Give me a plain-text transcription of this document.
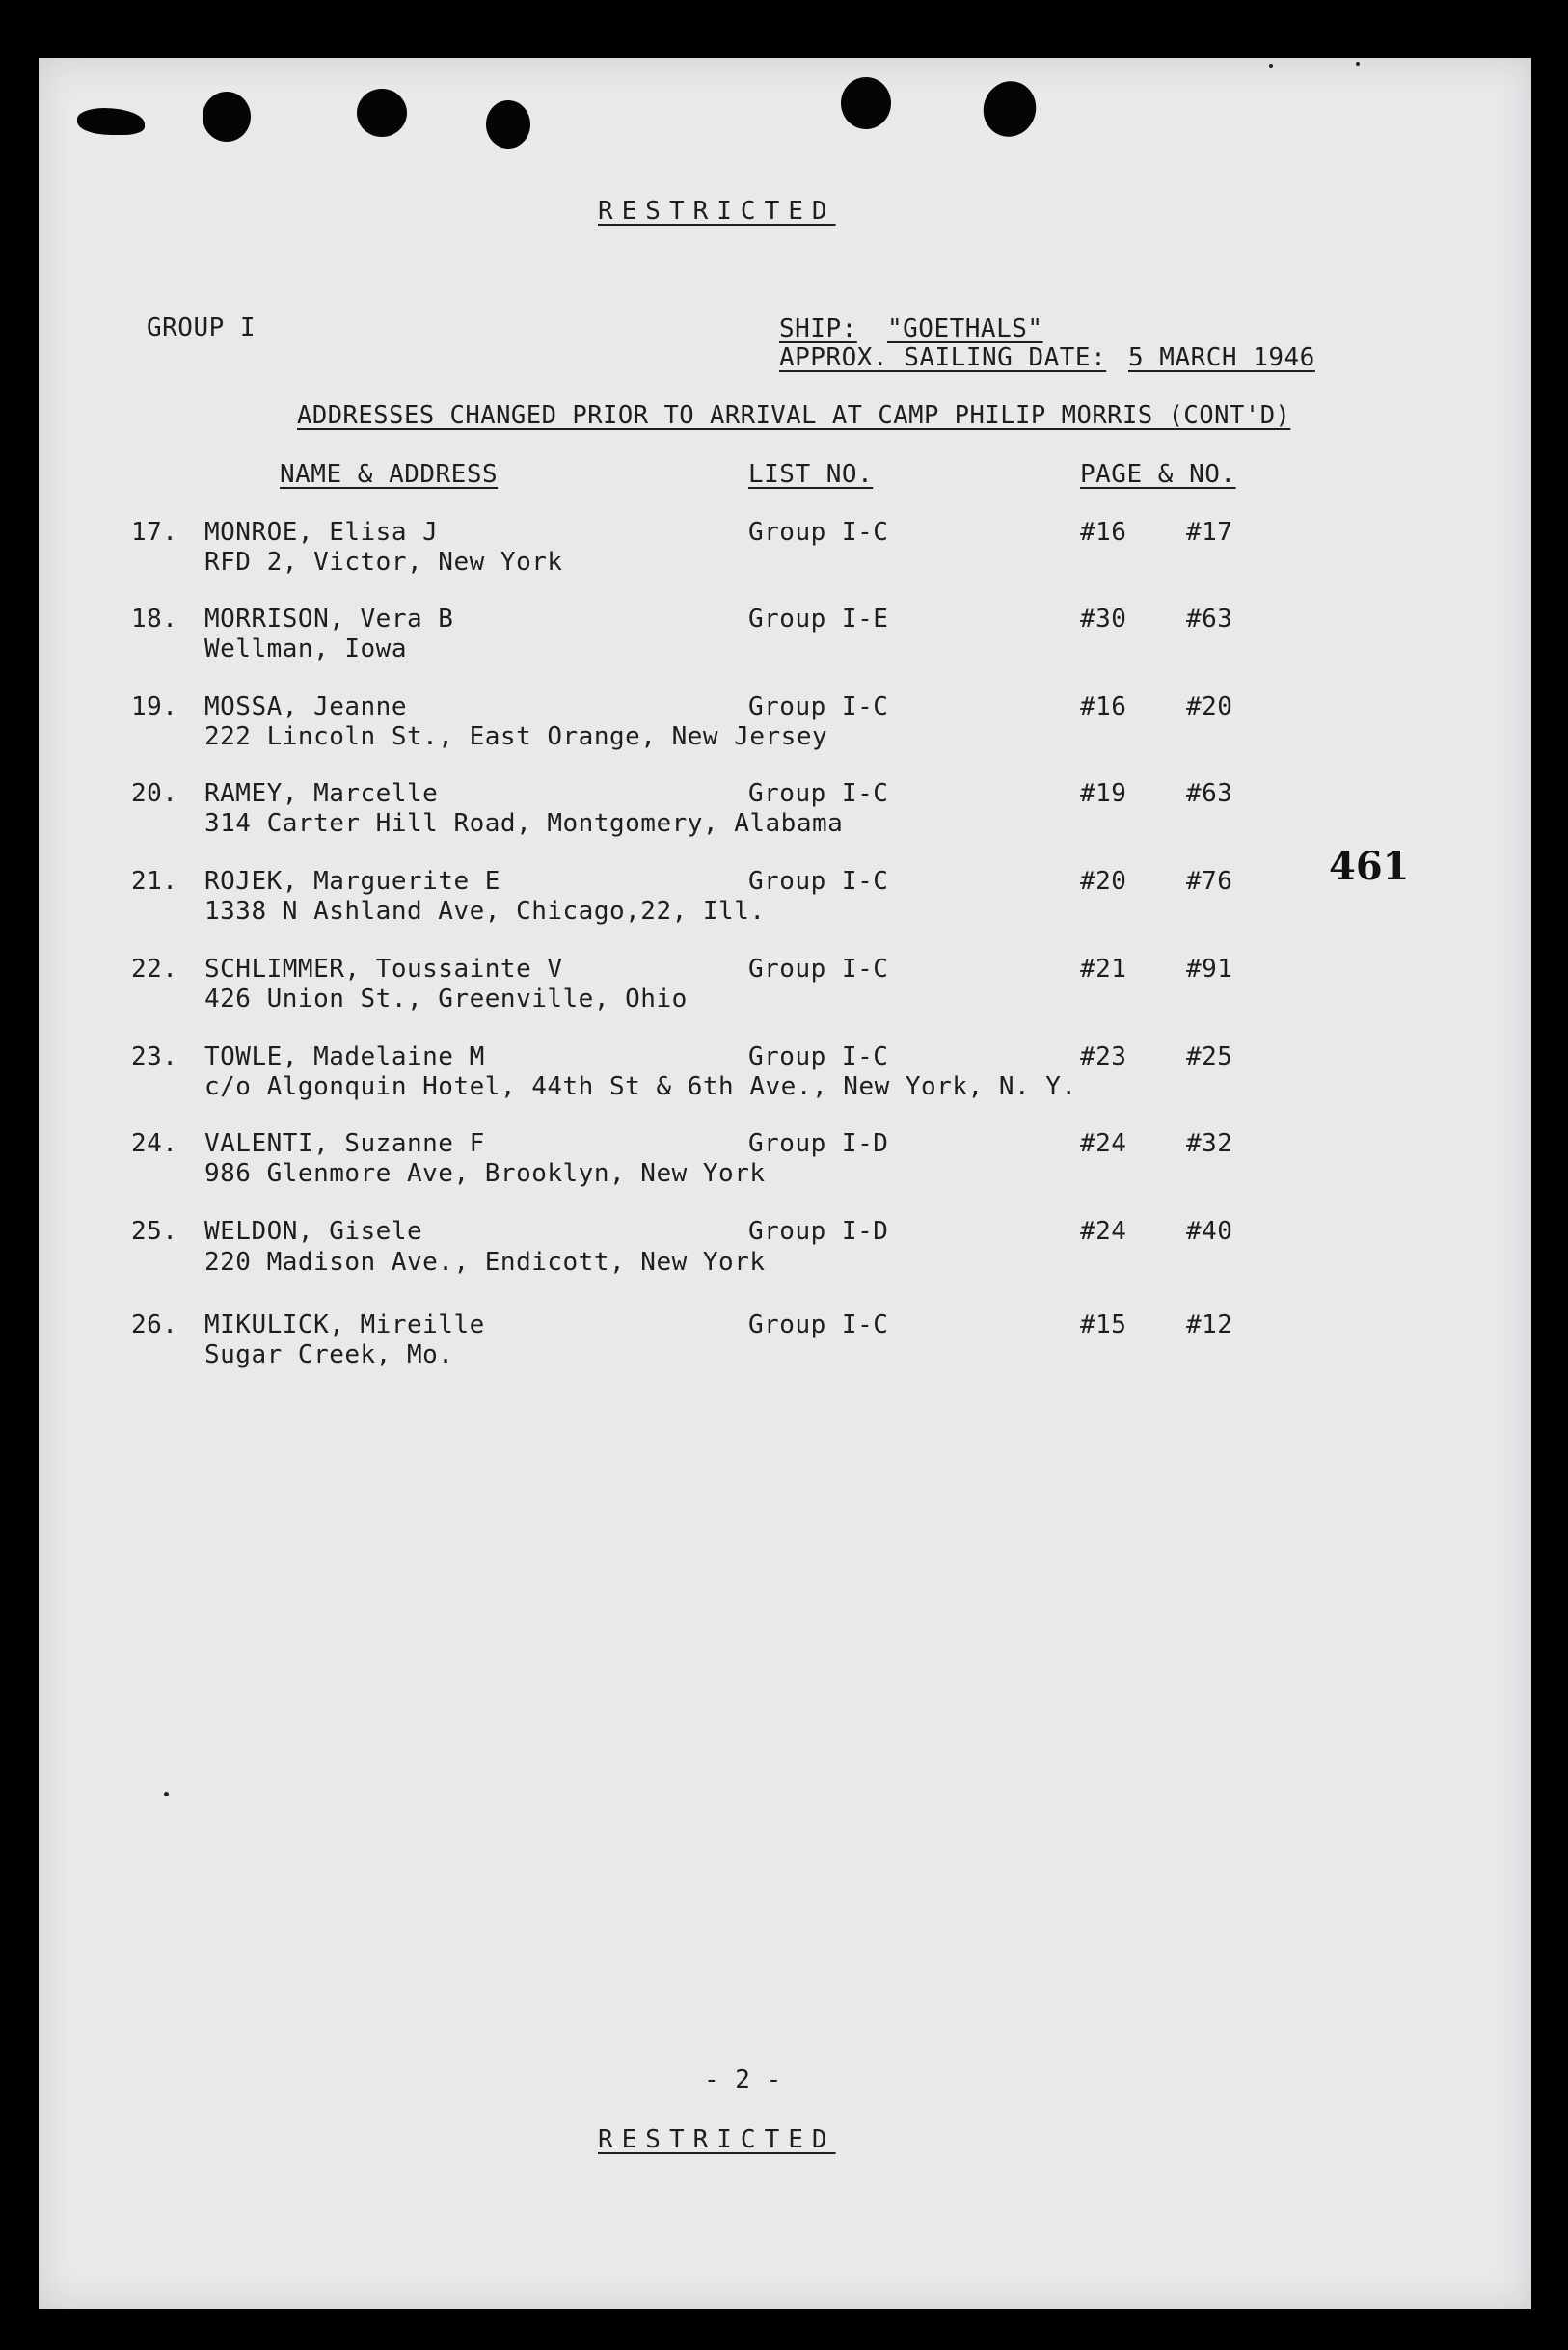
RESTRICTED
GROUP I	SHIP: "GOETHALS"
APPROX. SAILING DATE: 5 MARCH 1946
ADDRESSES CHANGED PRIOR TO ARRIVAL AT CAMP PHILIP MORRIS (CONT'D)
NAME & ADDRESS	LIST NO.	PAGE & NO.
17. MONROE, Elisa J
RFD 2, Victor, New York
Group I-C	#16 #17
18. MORRISON, Vera B
Wellman, Iowa
Group I-E	#30 #63
19. MOSSA, Jeanne
222 Lincoln St., East Orange, New Jersey
Group I-C	#16 #20
20. RAMEY, Marcelle
314 Carter Hill Road, Montgomery, Alabama
Group I-C	#19 #63
21. ROJEK, Marguerite E
1338 N Ashland Ave, Chicago,22, Ill.
Group I-C	#20 #76
22. SCHLIMMER, Toussainte V
426 Union St., Greenville, Ohio
Group I-C	#21 #91
23. TOWLE, Madelaine M
c/o Algonquin Hotel, 44th St & 6th Ave., New York, N. Y.
Group I-C	#23 #25
24. VALENTI, Suzanne F
986 Glenmore Ave, Brooklyn, New York
Group I-D	#24 #32
25. WELDON, Gisele
220 Madison Ave., Endicott, New York
Group I-D	#24 #40
26. MIKULICK, Mireille
Sugar Creek, Mo.
Group I-C	#15 #12
461
- 2 -
RESTRICTED
